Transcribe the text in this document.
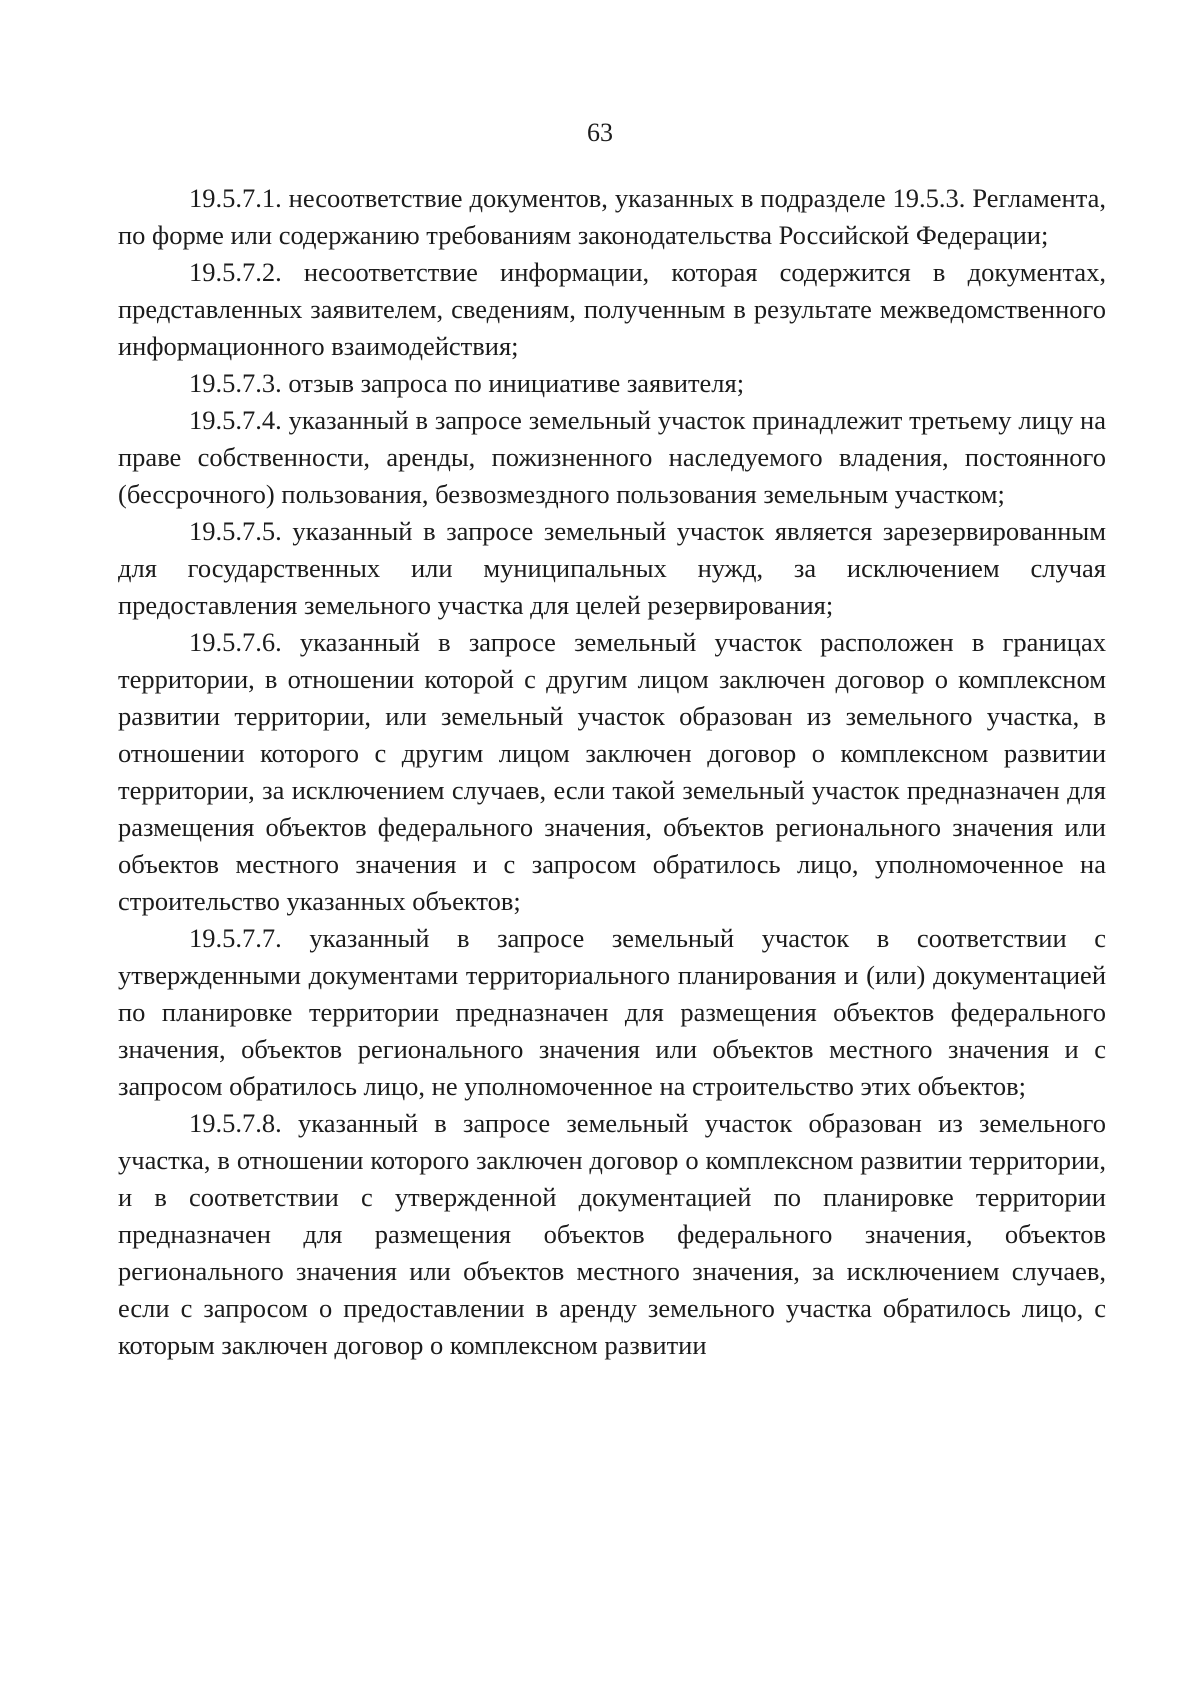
63

19.5.7.1. несоответствие документов, указанных в подразделе 19.5.3. Регламента, по форме или содержанию требованиям законодательства Российской Федерации;

19.5.7.2. несоответствие информации, которая содержится в документах, представленных заявителем, сведениям, полученным в результате межведомственного информационного взаимодействия;

19.5.7.3. отзыв запроса по инициативе заявителя;

19.5.7.4. указанный в запросе земельный участок принадлежит третьему лицу на праве собственности, аренды, пожизненного наследуемого владения, постоянного (бессрочного) пользования, безвозмездного пользования земельным участком;

19.5.7.5. указанный в запросе земельный участок является зарезервированным для государственных или муниципальных нужд, за исключением случая предоставления земельного участка для целей резервирования;

19.5.7.6. указанный в запросе земельный участок расположен в границах территории, в отношении которой с другим лицом заключен договор о комплексном развитии территории, или земельный участок образован из земельного участка, в отношении которого с другим лицом заключен договор о комплексном развитии территории, за исключением случаев, если такой земельный участок предназначен для размещения объектов федерального значения, объектов регионального значения или объектов местного значения и с запросом обратилось лицо, уполномоченное на строительство указанных объектов;

19.5.7.7. указанный в запросе земельный участок в соответствии с утвержденными документами территориального планирования и (или) документацией по планировке территории предназначен для размещения объектов федерального значения, объектов регионального значения или объектов местного значения и с запросом обратилось лицо, не уполномоченное на строительство этих объектов;

19.5.7.8. указанный в запросе земельный участок образован из земельного участка, в отношении которого заключен договор о комплексном развитии территории, и в соответствии с утвержденной документацией по планировке территории предназначен для размещения объектов федерального значения, объектов регионального значения или объектов местного значения, за исключением случаев, если с запросом о предоставлении в аренду земельного участка обратилось лицо, с которым заключен договор о комплексном развитии
